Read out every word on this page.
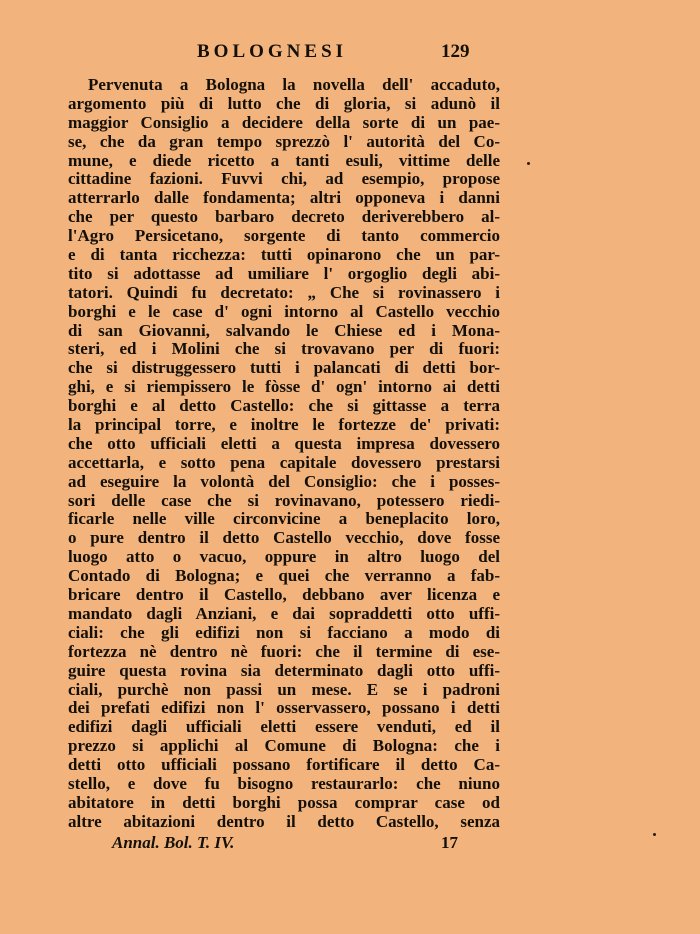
BOLOGNESI	129
Pervenuta a Bologna la novella dell' accaduto,
argomento più di lutto che di gloria, si adunò il
maggior Consiglio a decidere della sorte di un pae-
se, che da gran tempo sprezzò l' autorità del Co-
mune, e diede ricetto a tanti esuli, vittime delle
cittadine fazioni. Fuvvi chi, ad esempio, propose
atterrarlo dalle fondamenta; altri opponeva i danni
che per questo barbaro decreto deriverebbero al-
l'Agro Persicetano, sorgente di tanto commercio
e di tanta ricchezza: tutti opinarono che un par-
tito si adottasse ad umiliare l' orgoglio degli abi-
tatori. Quindi fu decretato: „ Che si rovinassero i
borghi e le case d' ogni intorno al Castello vecchio
di san Giovanni, salvando le Chiese ed i Mona-
steri, ed i Molini che si trovavano per di fuori:
che si distruggessero tutti i palancati di detti bor-
ghi, e si riempissero le fòsse d' ogn' intorno ai detti
borghi e al detto Castello: che si gittasse a terra
la principal torre, e inoltre le fortezze de' privati:
che otto ufficiali eletti a questa impresa dovessero
accettarla, e sotto pena capitale dovessero prestarsi
ad eseguire la volontà del Consiglio: che i posses-
sori delle case che si rovinavano, potessero riedi-
ficarle nelle ville circonvicine a beneplacito loro,
o pure dentro il detto Castello vecchio, dove fosse
luogo atto o vacuo, oppure in altro luogo del
Contado di Bologna; e quei che verranno a fab-
bricare dentro il Castello, debbano aver licenza e
mandato dagli Anziani, e dai sopraddetti otto uffi-
ciali: che gli edifizi non si facciano a modo di
fortezza nè dentro nè fuori: che il termine di ese-
guire questa rovina sia determinato dagli otto uffi-
ciali, purchè non passi un mese. E se i padroni
dei prefati edifizi non l' osservassero, possano i detti
edifizi dagli ufficiali eletti essere venduti, ed il
prezzo si applichi al Comune di Bologna: che i
detti otto ufficiali possano fortificare il detto Ca-
stello, e dove fu bisogno restaurarlo: che niuno
abitatore in detti borghi possa comprar case od
altre abitazioni dentro il detto Castello, senza
Annal. Bol. T. IV.	17
